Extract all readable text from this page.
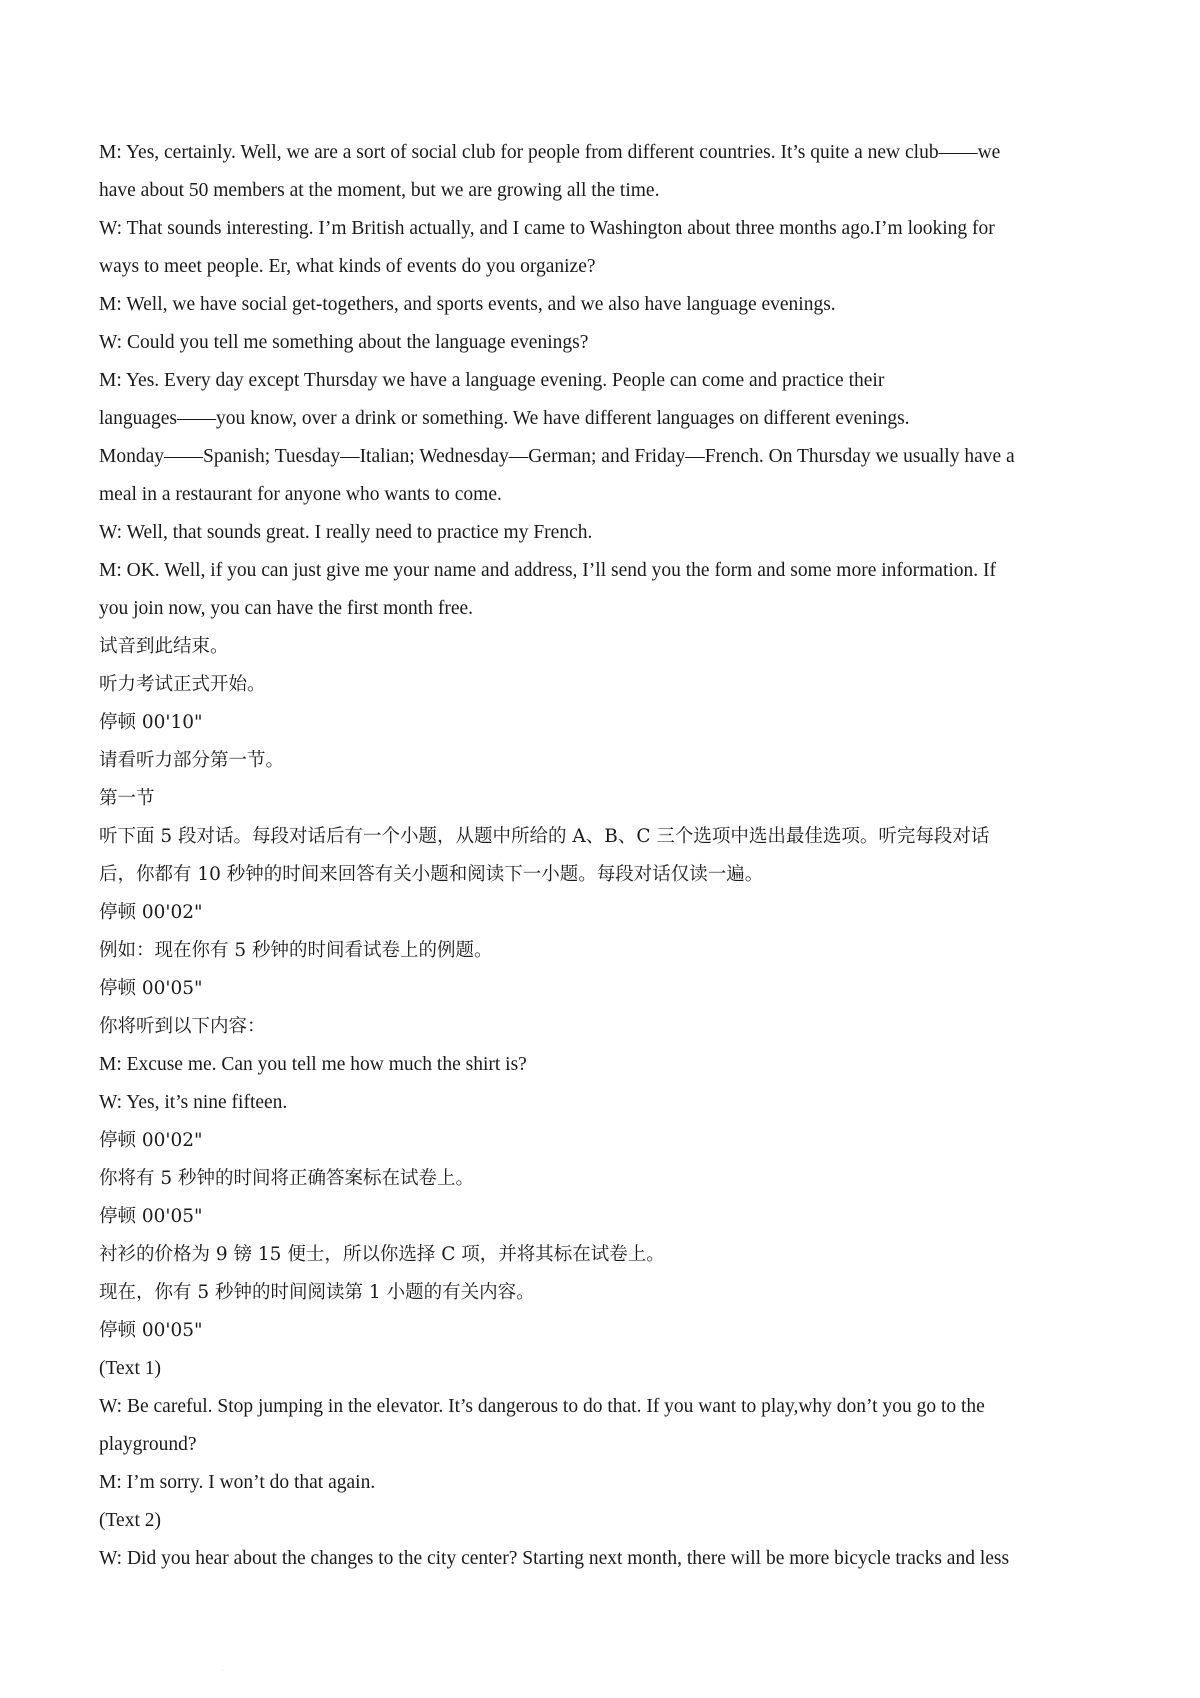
M: Yes, certainly. Well, we are a sort of social club for people from different countries. It’s quite a new club——we
have about 50 members at the moment, but we are growing all the time.
W: That sounds interesting. I’m British actually, and I came to Washington about three months ago.I’m looking for
ways to meet people. Er, what kinds of events do you organize?
M: Well, we have social get-togethers, and sports events, and we also have language evenings.
W: Could you tell me something about the language evenings?
M: Yes. Every day except Thursday we have a language evening. People can come and practice their
languages——you know, over a drink or something. We have different languages on different evenings.
Monday——Spanish; Tuesday—Italian; Wednesday—German; and Friday—French. On Thursday we usually have a
meal in a restaurant for anyone who wants to come.
W: Well, that sounds great. I really need to practice my French.
M: OK. Well, if you can just give me your name and address, I’ll send you the form and some more information. If
you join now, you can have the first month free.
试音到此结束。
听力考试正式开始。
停顿 00'10"
请看听力部分第一节。
第一节
听下面 5 段对话。每段对话后有一个小题，从题中所给的 A、B、C 三个选项中选出最佳选项。听完每段对话
后，你都有 10 秒钟的时间来回答有关小题和阅读下一小题。每段对话仅读一遍。
停顿 00'02"
例如：现在你有 5 秒钟的时间看试卷上的例题。
停顿 00'05"
你将听到以下内容：
M: Excuse me. Can you tell me how much the shirt is?
W: Yes, it’s nine fifteen.
停顿 00'02"
你将有 5 秒钟的时间将正确答案标在试卷上。
停顿 00'05"
衬衫的价格为 9 镑 15 便士，所以你选择 C 项，并将其标在试卷上。
现在，你有 5 秒钟的时间阅读第 1 小题的有关内容。
停顿 00'05"
(Text 1)
W: Be careful. Stop jumping in the elevator. It’s dangerous to do that. If you want to play,why don’t you go to the
playground?
M: I’m sorry. I won’t do that again.
(Text 2)
W: Did you hear about the changes to the city center? Starting next month, there will be more bicycle tracks and less
·
